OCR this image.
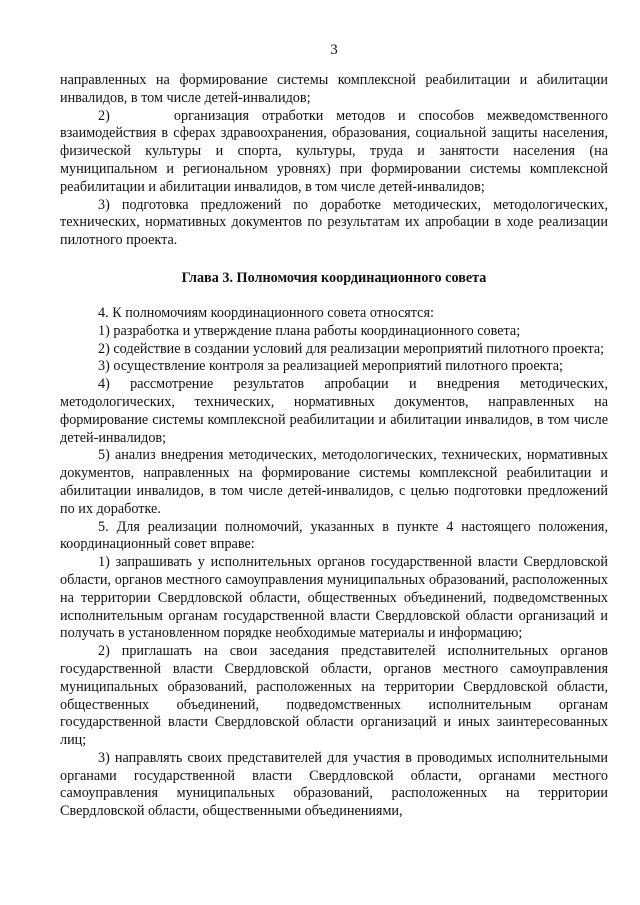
3

направленных на формирование системы комплексной реабилитации и абилитации инвалидов, в том числе детей-инвалидов;

2)     организация отработки методов и способов межведомственного взаимодействия в сферах здравоохранения, образования, социальной защиты населения, физической культуры и спорта, культуры, труда и занятости населения (на муниципальном и региональном уровнях) при формировании системы комплексной реабилитации и абилитации инвалидов, в том числе детей-инвалидов;

3) подготовка предложений по доработке методических, методологических, технических, нормативных документов по результатам их апробации в ходе реализации пилотного проекта.

Глава 3. Полномочия координационного совета

4. К полномочиям координационного совета относятся:

1) разработка и утверждение плана работы координационного совета;

2) содействие в создании условий для реализации мероприятий пилотного проекта;

3) осуществление контроля за реализацией мероприятий пилотного проекта;

4) рассмотрение результатов апробации и внедрения методических, методологических, технических, нормативных документов, направленных на формирование системы комплексной реабилитации и абилитации инвалидов, в том числе детей-инвалидов;

5) анализ внедрения методических, методологических, технических, нормативных документов, направленных на формирование системы комплексной реабилитации и абилитации инвалидов, в том числе детей-инвалидов, с целью подготовки предложений по их доработке.

5. Для реализации полномочий, указанных в пункте 4 настоящего положения, координационный совет вправе:

1) запрашивать у исполнительных органов государственной власти Свердловской области, органов местного самоуправления муниципальных образований, расположенных на территории Свердловской области, общественных объединений, подведомственных исполнительным органам государственной власти Свердловской области организаций и получать в установленном порядке необходимые материалы и информацию;

2) приглашать на свои заседания представителей исполнительных органов государственной власти Свердловской области, органов местного самоуправления муниципальных образований, расположенных на территории Свердловской области, общественных объединений, подведомственных исполнительным органам государственной власти Свердловской области организаций и иных заинтересованных лиц;

3) направлять своих представителей для участия в проводимых исполнительными органами государственной власти Свердловской области, органами местного самоуправления муниципальных образований, расположенных на территории Свердловской области, общественными объединениями,
